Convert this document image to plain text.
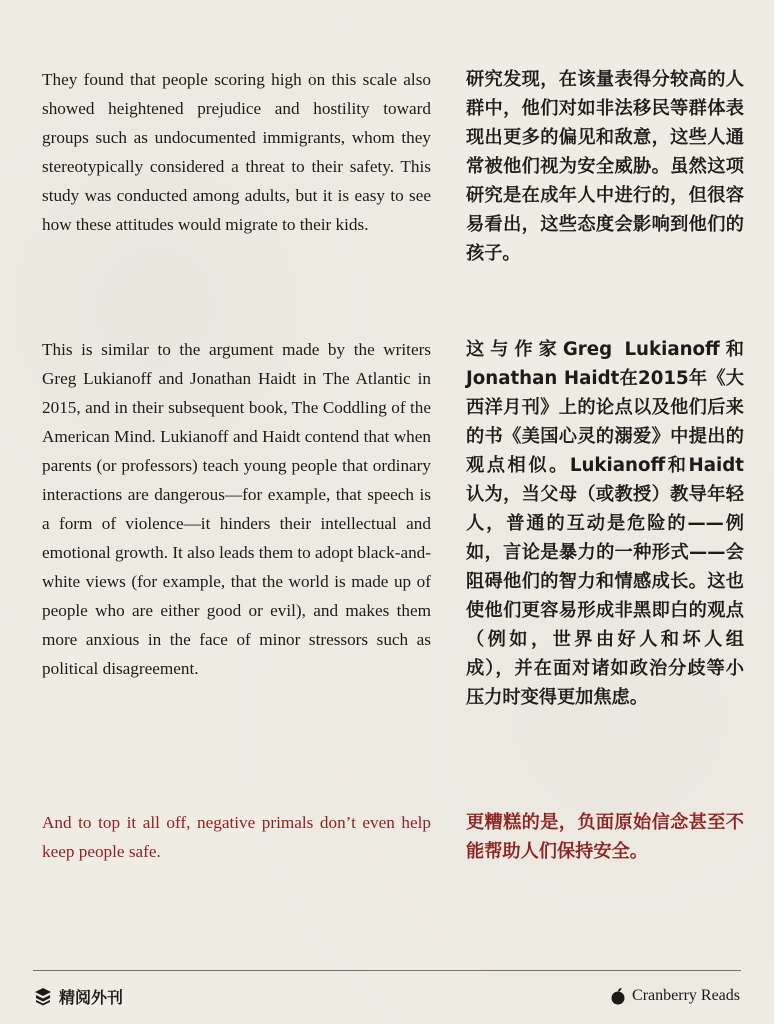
They found that people scoring high on this scale also showed heightened prejudice and hostility toward groups such as undocumented immigrants, whom they stereotypically considered a threat to their safety. This study was conducted among adults, but it is easy to see how these attitudes would migrate to their kids.

研究发现，在该量表得分较高的人群中，他们对如非法移民等群体表现出更多的偏见和敌意，这些人通常被他们视为安全威胁。虽然这项研究是在成年人中进行的，但很容易看出，这些态度会影响到他们的孩子。

This is similar to the argument made by the writers Greg Lukianoff and Jonathan Haidt in The Atlantic in 2015, and in their subsequent book, The Coddling of the American Mind. Lukianoff and Haidt contend that when parents (or professors) teach young people that ordinary interactions are dangerous—for example, that speech is a form of violence—it hinders their intellectual and emotional growth. It also leads them to adopt black-and-white views (for example, that the world is made up of people who are either good or evil), and makes them more anxious in the face of minor stressors such as political disagreement.

这与作家Greg Lukianoff和Jonathan Haidt在2015年《大西洋月刊》上的论点以及他们后来的书《美国心灵的溺爱》中提出的观点相似。Lukianoff和Haidt认为，当父母（或教授）教导年轻人，普通的互动是危险的——例如，言论是暴力的一种形式——会阻碍他们的智力和情感成长。这也使他们更容易形成非黑即白的观点（例如，世界由好人和坏人组成），并在面对诸如政治分歧等小压力时变得更加焦虑。

And to top it all off, negative primals don’t even help keep people safe.

更糟糕的是，负面原始信念甚至不能帮助人们保持安全。

精阅外刊	Cranberry Reads
